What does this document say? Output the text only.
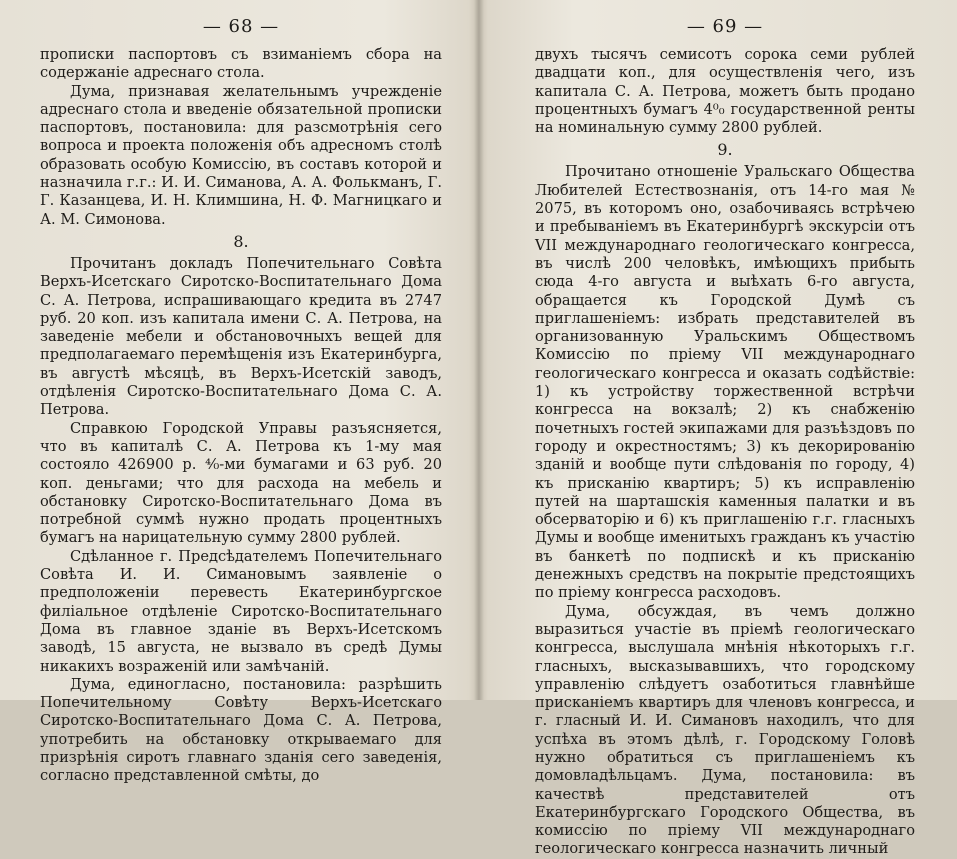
— 68 —

прописки паспортовъ съ взиманіемъ сбора на содержаніе адреснаго стола.

Дума, признавая желательнымъ учрежденіе адреснаго стола и введеніе обязательной прописки паспортовъ, постановила: для разсмотрѣнія сего вопроса и проекта положенія объ адресномъ столѣ образовать особую Комиссію, въ составъ которой и назначила г.г.: И. И. Симанова, А. А. Фолькманъ, Г. Г. Казанцева, И. Н. Климшина, Н. Ф. Магницкаго и А. М. Симонова.

8.

Прочитанъ докладъ Попечительнаго Совѣта Верхъ-Исетскаго Сиротско-Воспитательнаго Дома С. А. Петрова, испрашивающаго кредита въ 2747 руб. 20 коп. изъ капитала имени С. А. Петрова, на заведеніе мебели и обстановочныхъ вещей для предполагаемаго перемѣщенія изъ Екатеринбурга, въ августѣ мѣсяцѣ, въ Верхъ-Исетскій заводъ, отдѣленія Сиротско-Воспитательнаго Дома С. А. Петрова.

Справкою Городской Управы разъясняется, что въ капиталѣ С. А. Петрова къ 1-му мая состояло 426900 р. ⁴⁄₀-ми бумагами и 63 руб. 20 коп. деньгами; что для расхода на мебель и обстановку Сиротско-Воспитательнаго Дома въ потребной суммѣ нужно продать процентныхъ бумагъ на нарицательную сумму 2800 рублей.

Сдѣланное г. Предсѣдателемъ Попечительнаго Совѣта И. И. Симановымъ заявленіе о предположеніи перевесть Екатеринбургское филіальное отдѣленіе Сиротско-Воспитательнаго Дома въ главное зданіе въ Верхъ-Исетскомъ заводѣ, 15 августа, не вызвало въ средѣ Думы никакихъ возраженій или замѣчаній.

Дума, единогласно, постановила: разрѣшить Попечительному Совѣту Верхъ-Исетскаго Сиротско-Воспитательнаго Дома С. А. Петрова, употребить на обстановку открываемаго для призрѣнія сиротъ главнаго зданія сего заведенія, согласно представленной смѣты, до

— 69 —

двухъ тысячъ семисотъ сорока семи рублей двадцати коп., для осуществленія чего, изъ капитала С. А. Петрова, можетъ быть продано процентныхъ бумагъ 4⁰₀ государственной ренты на номинальную сумму 2800 рублей.

9.

Прочитано отношеніе Уральскаго Общества Любителей Естествознанія, отъ 14-го мая № 2075, въ которомъ оно, озабочиваясь встрѣчею и пребываніемъ въ Екатеринбургѣ экскурсіи отъ VII международнаго геологическаго конгресса, въ числѣ 200 человѣкъ, имѣющихъ прибыть сюда 4-го августа и выѣхать 6-го августа, обращается къ Городской Думѣ съ приглашеніемъ: избрать представителей въ организованную Уральскимъ Обществомъ Комиссію по пріему VII международнаго геологическаго конгресса и оказать содѣйствіе: 1) къ устройству торжественной встрѣчи конгресса на вокзалѣ; 2) къ снабженію почетныхъ гостей экипажами для разъѣздовъ по городу и окрестностямъ; 3) къ декорированію зданій и вообще пути слѣдованія по городу, 4) къ прискaнію квартиръ; 5) къ исправленію путей на шарташскія каменныя палатки и въ обсерваторію и 6) къ приглашенію г.г. гласныхъ Думы и вообще именитыхъ гражданъ къ участію въ банкетѣ по подпискѣ и къ прискaнію денежныхъ средствъ на покрытіе предстоящихъ по пріему конгресса расходовъ.

Дума, обсуждая, въ чемъ должно выразиться участіе въ пріемѣ геологическаго конгресса, выслушала мнѣнія нѣкоторыхъ г.г. гласныхъ, высказывавшихъ, что городскому управленію слѣдуетъ озаботиться главнѣйше прискaніемъ квартиръ для членовъ конгресса, и г. гласный И. И. Симановъ находилъ, что для успѣха въ этомъ дѣлѣ, г. Городскому Головѣ нужно обратиться съ приглашеніемъ къ домовладѣльцамъ. Дума, постановила: въ качествѣ представителей отъ Екатеринбургскаго Городского Общества, въ комиссію по пріему VII международнаго геологическаго конгресса назначить личный
